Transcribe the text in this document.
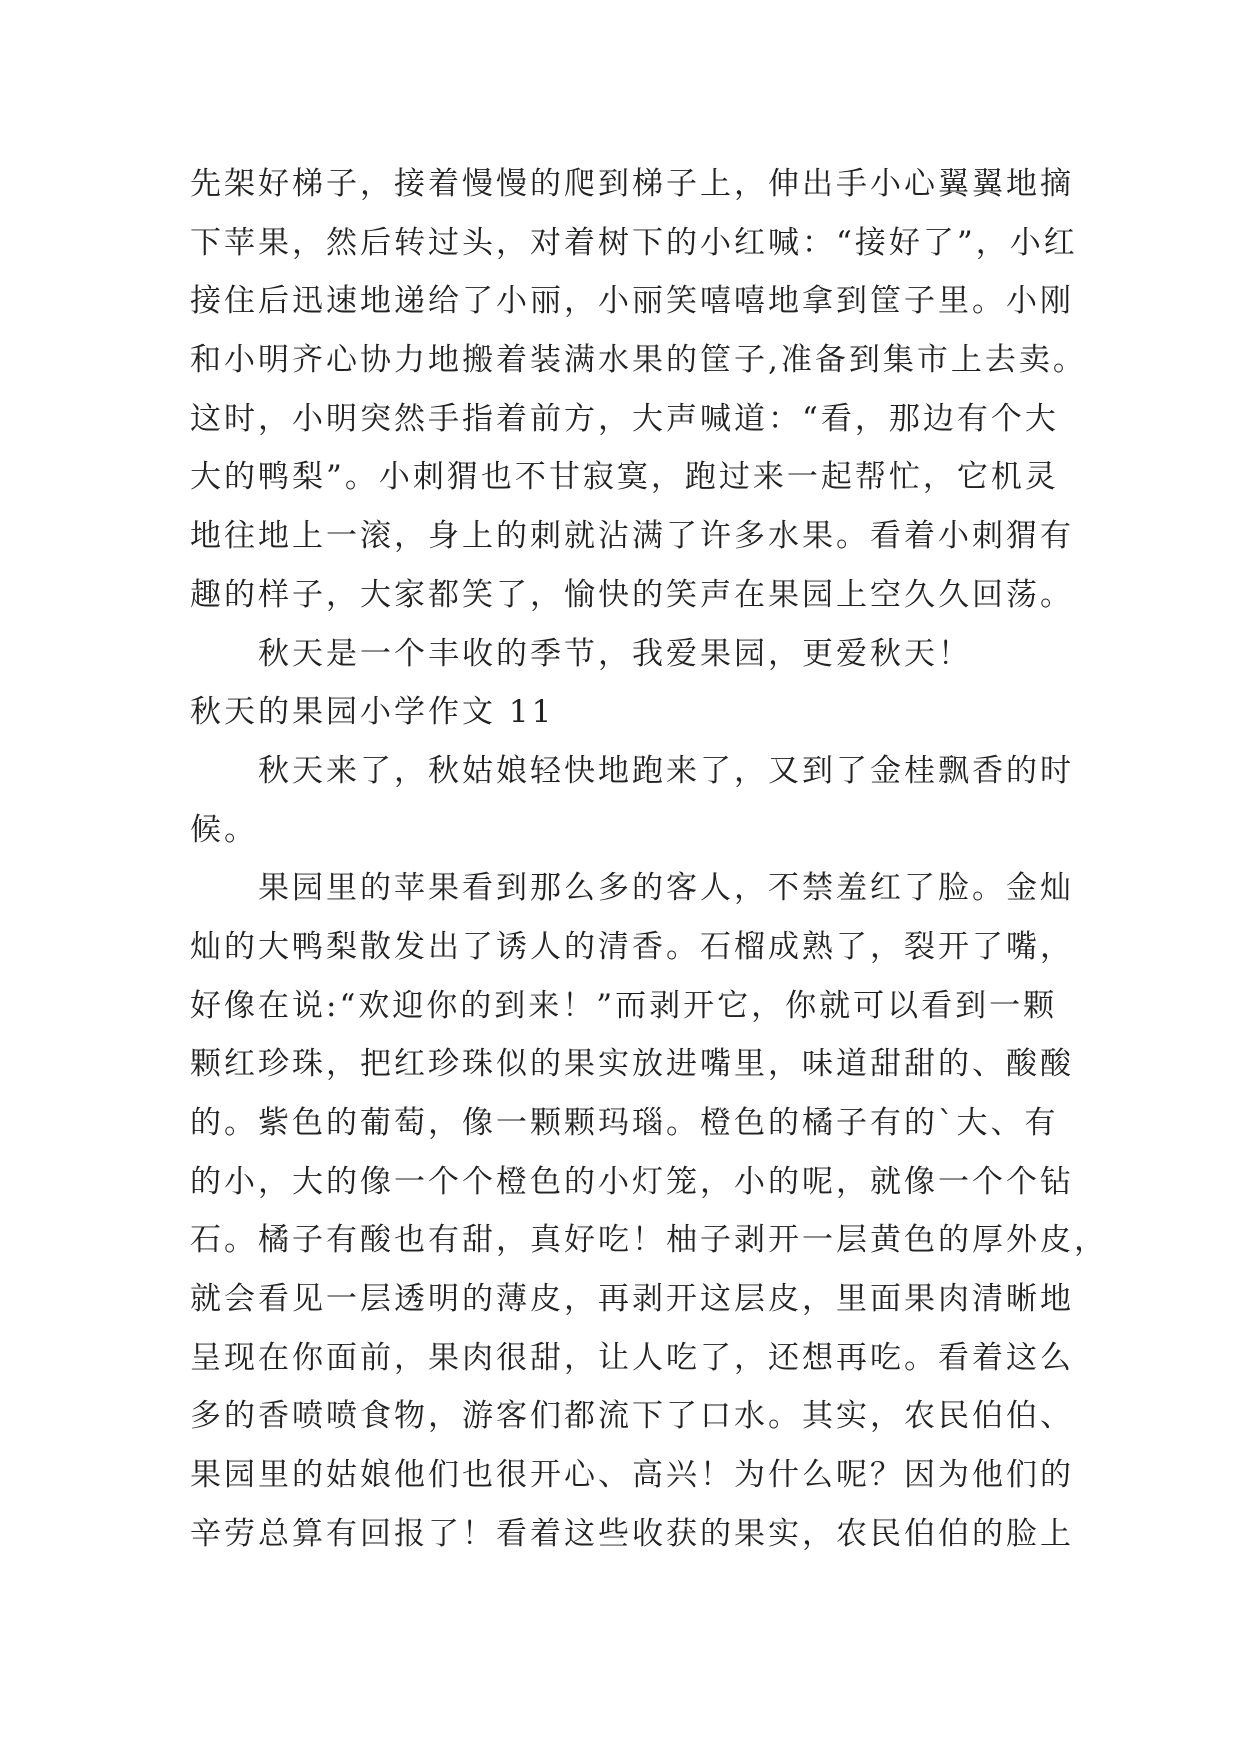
先架好梯子，接着慢慢的爬到梯子上，伸出手小心翼翼地摘
下苹果，然后转过头，对着树下的小红喊：“接好了”，小红
接住后迅速地递给了小丽，小丽笑嘻嘻地拿到筐子里。小刚
和小明齐心协力地搬着装满水果的筐子,准备到集市上去卖。
这时，小明突然手指着前方，大声喊道：“看，那边有个大
大的鸭梨”。小刺猬也不甘寂寞，跑过来一起帮忙，它机灵
地往地上一滚，身上的刺就沾满了许多水果。看着小刺猬有
趣的样子，大家都笑了，愉快的笑声在果园上空久久回荡。
　　秋天是一个丰收的季节，我爱果园，更爱秋天！
秋天的果园小学作文 11
　　秋天来了，秋姑娘轻快地跑来了，又到了金桂飘香的时
候。
　　果园里的苹果看到那么多的客人，不禁羞红了脸。金灿
灿的大鸭梨散发出了诱人的清香。石榴成熟了，裂开了嘴，
好像在说:“欢迎你的到来！”而剥开它，你就可以看到一颗
颗红珍珠，把红珍珠似的果实放进嘴里，味道甜甜的、酸酸
的。紫色的葡萄，像一颗颗玛瑙。橙色的橘子有的`大、有
的小，大的像一个个橙色的小灯笼，小的呢，就像一个个钻
石。橘子有酸也有甜，真好吃！柚子剥开一层黄色的厚外皮，
就会看见一层透明的薄皮，再剥开这层皮，里面果肉清晰地
呈现在你面前，果肉很甜，让人吃了，还想再吃。看着这么
多的香喷喷食物，游客们都流下了口水。其实，农民伯伯、
果园里的姑娘他们也很开心、高兴！为什么呢？因为他们的
辛劳总算有回报了！看着这些收获的果实，农民伯伯的脸上
